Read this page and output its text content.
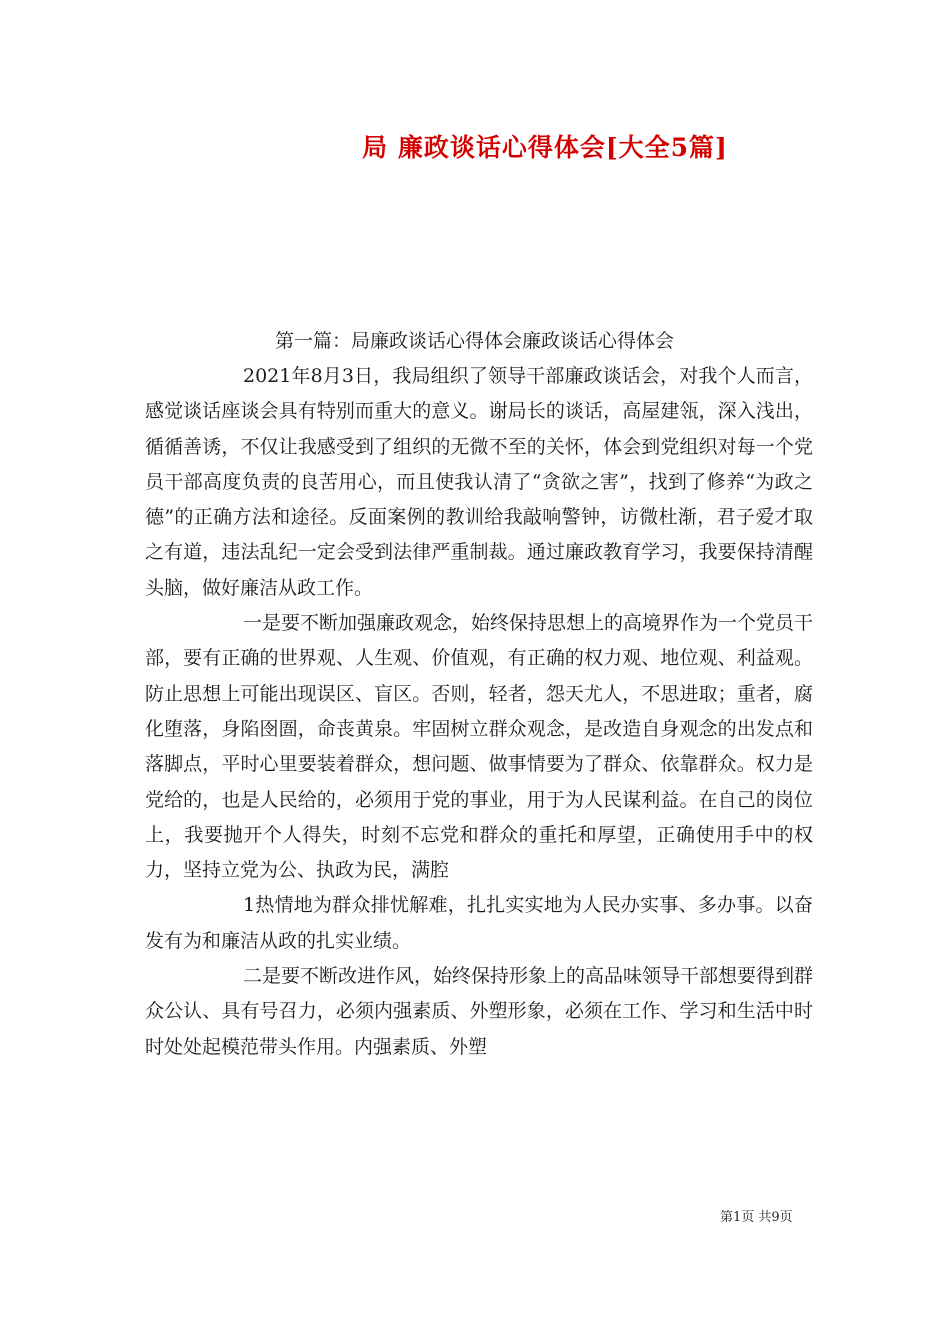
局 廉政谈话心得体会[大全5篇]

第一篇：局廉政谈话心得体会廉政谈话心得体会

2021年8月3日，我局组织了领导干部廉政谈话会，对我个人而言，感觉谈话座谈会具有特别而重大的意义。谢局长的谈话，高屋建瓴，深入浅出，循循善诱，不仅让我感受到了组织的无微不至的关怀，体会到党组织对每一个党员干部高度负责的良苦用心，而且使我认清了“贪欲之害”，找到了修养“为政之德”的正确方法和途径。反面案例的教训给我敲响警钟，访微杜渐，君子爱才取之有道，违法乱纪一定会受到法律严重制裁。通过廉政教育学习，我要保持清醒头脑，做好廉洁从政工作。

一是要不断加强廉政观念，始终保持思想上的高境界作为一个党员干部，要有正确的世界观、人生观、价值观，有正确的权力观、地位观、利益观。防止思想上可能出现误区、盲区。否则，轻者，怨天尤人，不思进取；重者，腐化堕落，身陷囹圄，命丧黄泉。牢固树立群众观念，是改造自身观念的出发点和落脚点，平时心里要装着群众，想问题、做事情要为了群众、依靠群众。权力是党给的，也是人民给的，必须用于党的事业，用于为人民谋利益。在自己的岗位上，我要抛开个人得失，时刻不忘党和群众的重托和厚望，正确使用手中的权力，坚持立党为公、执政为民，满腔

1热情地为群众排忧解难，扎扎实实地为人民办实事、多办事。以奋发有为和廉洁从政的扎实业绩。

二是要不断改进作风，始终保持形象上的高品味领导干部想要得到群众公认、具有号召力，必须内强素质、外塑形象，必须在工作、学习和生活中时时处处起模范带头作用。内强素质、外塑

第1页 共9页
